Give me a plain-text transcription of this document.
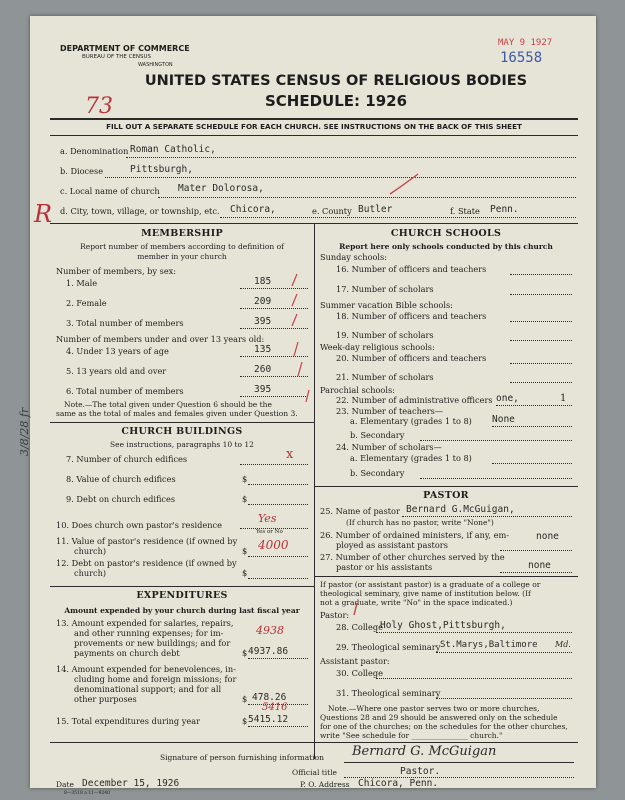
DEPARTMENT OF COMMERCE
BUREAU OF THE CENSUS
WASHINGTON
MAY 9 1927
16558
73
UNITED STATES CENSUS OF RELIGIOUS BODIES
SCHEDULE: 1926
FILL OUT A SEPARATE SCHEDULE FOR EACH CHURCH. SEE INSTRUCTIONS ON THE BACK OF THIS SHEET
a. Denomination Roman Catholic,
b. Diocese	Pittsburgh,
c. Local name of church Mater Dolorosa,
d. City, town, village, or township, etc. Chicora,	e. County Butler	f. State Penn.
R
MEMBERSHIP
Report number of members according to definition of
member in your church
Number of members, by sex:
1. Male	185
2. Female	209
3. Total number of members	395
Number of members under and over 13 years old:
4. Under 13 years of age	135
5. 13 years old and over	260
6. Total number of members	395
Note.—The total given under Question 6 should be the
same as the total of males and females given under Question 3.
CHURCH BUILDINGS
See instructions, paragraphs 10 to 12
7. Number of church edifices	x
8. Value of church edifices	$
9. Debt on church edifices	$
10. Does church own pastor's residence	Yes
Yes or No
11. Value of pastor's residence (if owned by
church)	$ 4000
12. Debt on pastor's residence (if owned by
church)	$
EXPENDITURES
Amount expended by your church during last fiscal year
13. Amount expended for salaries, repairs,
and other running expenses; for im-
provements or new buildings; and for
payments on church debt
4938
$ 4937.86
14. Amount expended for benevolences, in-
cluding home and foreign missions; for
denominational support; and for all
other purposes	$ 478.26
5416
15. Total expenditures during year	$ 5415.12
CHURCH SCHOOLS
Report here only schools conducted by this church
Sunday schools:
16. Number of officers and teachers
17. Number of scholars
Summer vacation Bible schools:
18. Number of officers and teachers
19. Number of scholars
Week-day religious schools:
20. Number of officers and teachers
21. Number of scholars
Parochial schools:
22. Number of administrative officers one,	1
23. Number of teachers—
a. Elementary (grades 1 to 8) None
b. Secondary
24. Number of scholars—
a. Elementary (grades 1 to 8)
b. Secondary
PASTOR
25. Name of pastor Bernard G.McGuigan,
(If church has no pastor, write "None")
26. Number of ordained ministers, if any, em-
ployed as assistant pastors
none
27. Number of other churches served by the
pastor or his assistants	none
If pastor (or assistant pastor) is a graduate of a college or
theological seminary, give name of institution below. (If
not a graduate, write "No" in the space indicated.)
Pastor:
28. College
Holy Ghost,Pittsburgh,
29. Theological seminary St.Marys,Baltimore Md.
Assistant pastor:
30. College
31. Theological seminary
Note.—Where one pastor serves two or more churches,
Questions 28 and 29 should be answered only on the schedule
for one of the churches; on the schedules for the other churches,
write "See schedule for _______________ church."
Signature of person furnishing information Bernard G. McGuigan
Official title	Pastor.
Date December 15, 1926	P. O. Address Chicora, Penn.
8—3518 a 11—9240
3/8/28 fr
